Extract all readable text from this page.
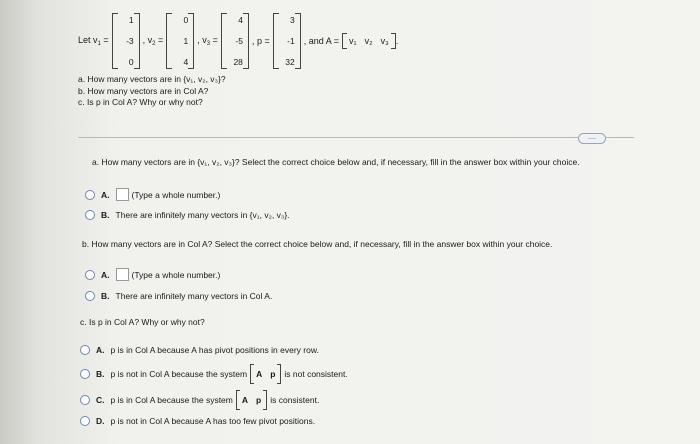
Let $v_1$ =
1
-3
0
, $v_2$ =
0
1
4
, $v_3$ =
4
-5
28
, p =
3
-1
32
, and A = v₁ v₂ v₃ .
a. How many vectors are in {v₁, v₂, v₃}?
b. How many vectors are in Col A?
c. Is p in Col A? Why or why not?
....
a. How many vectors are in {v₁, v₂, v₃}? Select the correct choice below and, if necessary, fill in the answer box within your choice.
A.	(Type a whole number.)
B. There are infinitely many vectors in {v₁, v₂, v₃}.
b. How many vectors are in Col A? Select the correct choice below and, if necessary, fill in the answer box within your choice.
A.	(Type a whole number.)
B. There are infinitely many vectors in Col A.
c. Is p in Col A? Why or why not?
A. p is in Col A because A has pivot positions in every row.
B. p is not in Col A because the system A p is not consistent.
C. p is in Col A because the system A p is consistent.
D. p is not in Col A because A has too few pivot positions.
